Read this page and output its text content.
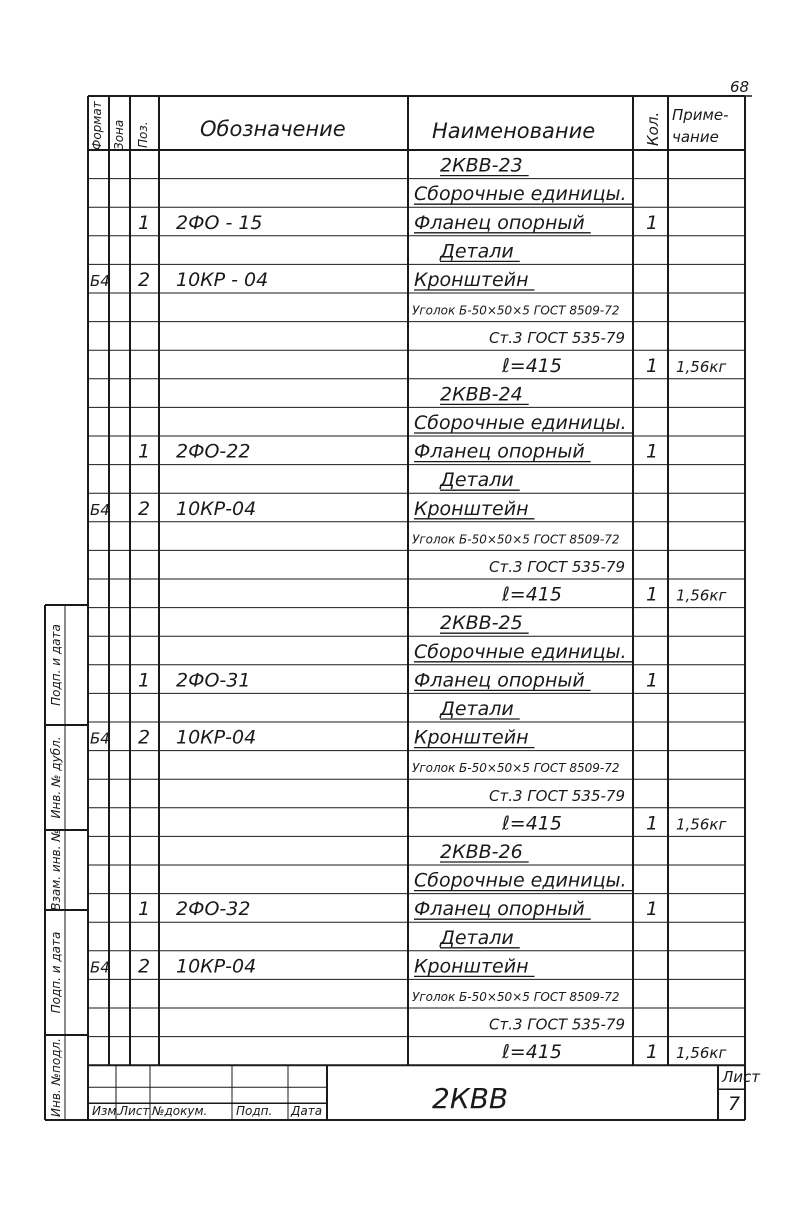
68
Формат Зона Поз. Обозначение	Наименование	Кол. Приме-
чание
2КВВ-23
Сборочные единицы.
1 2ФО - 15	Фланец опорный	1
Детали
Б4 2 10КР - 04	Кронштейн
Уголок Б-50×50×5 ГОСТ 8509-72
Ст.3 ГОСТ 535-79
ℓ=415	1 1,56кг
2КВВ-24
Сборочные единицы.
1 2ФО-22	Фланец опорный	1
Детали
Б4 2 10КР-04	Кронштейн
Уголок Б-50×50×5 ГОСТ 8509-72
Ст.3 ГОСТ 535-79
ℓ=415	1 1,56кг
2КВВ-25
Сборочные единицы.
1 2ФО-31	Фланец опорный	1
Детали
Б4 2 10КР-04	Кронштейн
Уголок Б-50×50×5 ГОСТ 8509-72
Ст.3 ГОСТ 535-79
ℓ=415	1 1,56кг
2КВВ-26
Сборочные единицы.
1 2ФО-32	Фланец опорный	1
Детали
Б4 2 10КР-04	Кронштейн
Уголок Б-50×50×5 ГОСТ 8509-72
Ст.3 ГОСТ 535-79
ℓ=415	1 1,56кг
Инв. №подл.
Подп. и дата
Взам. инв. №
Инв. № дубл.
Подп. и дата
Изм.
Лист №докум. Подп. Дата	2КВВ
Лист
7
